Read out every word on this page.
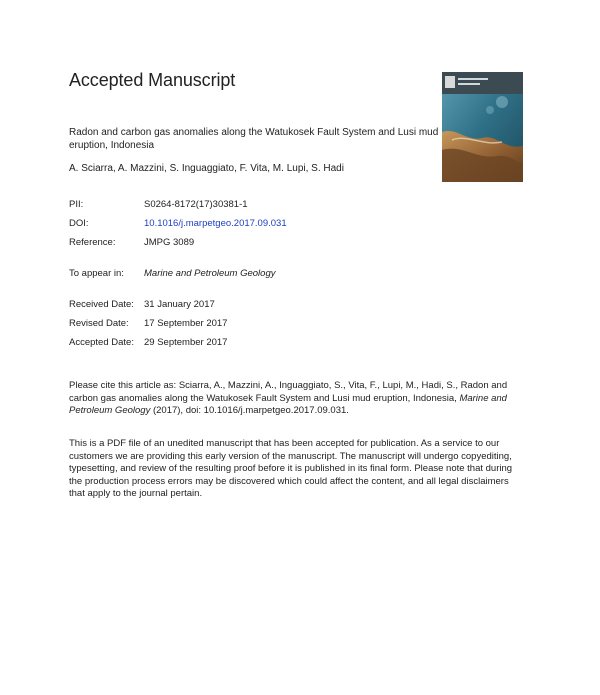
Accepted Manuscript
Radon and carbon gas anomalies along the Watukosek Fault System and Lusi mud eruption, Indonesia
A. Sciarra, A. Mazzini, S. Inguaggiato, F. Vita, M. Lupi, S. Hadi
PII:	S0264-8172(17)30381-1
DOI:	10.1016/j.marpetgeo.2017.09.031
Reference:	JMPG 3089
To appear in: Marine and Petroleum Geology
Received Date: 31 January 2017
Revised Date: 17 September 2017
Accepted Date: 29 September 2017
Please cite this article as: Sciarra, A., Mazzini, A., Inguaggiato, S., Vita, F., Lupi, M., Hadi, S., Radon and carbon gas anomalies along the Watukosek Fault System and Lusi mud eruption, Indonesia, Marine and Petroleum Geology (2017), doi: 10.1016/j.marpetgeo.2017.09.031.
This is a PDF file of an unedited manuscript that has been accepted for publication. As a service to our customers we are providing this early version of the manuscript. The manuscript will undergo copyediting, typesetting, and review of the resulting proof before it is published in its final form. Please note that during the production process errors may be discovered which could affect the content, and all legal disclaimers that apply to the journal pertain.
